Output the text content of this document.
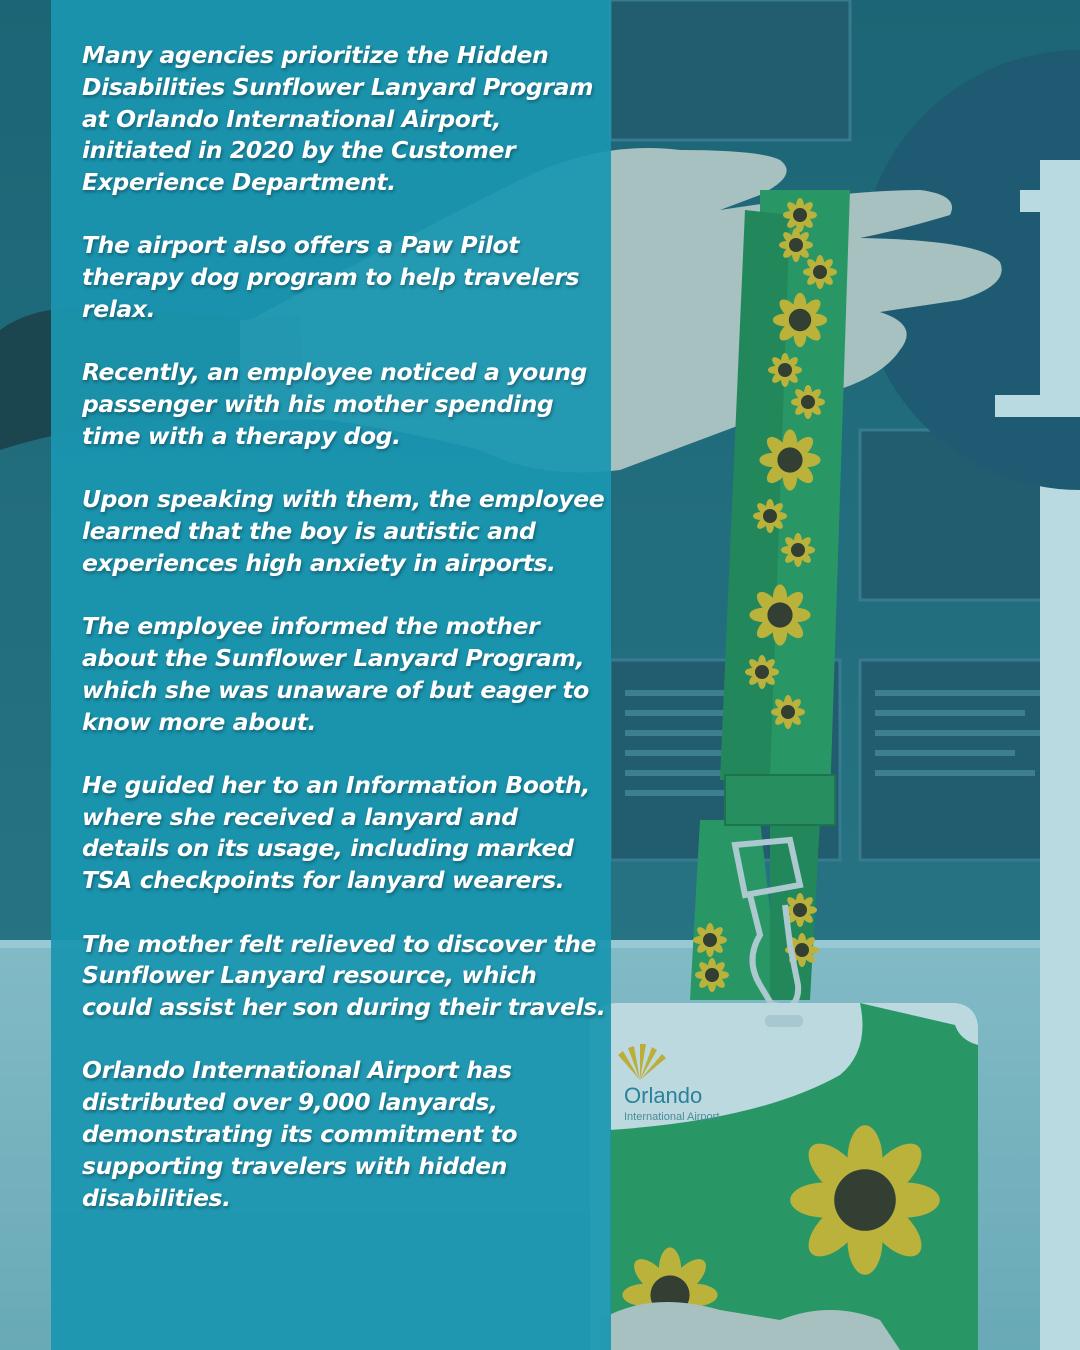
Orlando
International Airport

Many agencies prioritize the Hidden Disabilities Sunflower Lanyard Program at Orlando International Airport, initiated in 2020 by the Customer Experience Department.

The airport also offers a Paw Pilot therapy dog program to help travelers relax.

Recently, an employee noticed a young passenger with his mother spending time with a therapy dog.

Upon speaking with them, the employee learned that the boy is autistic and experiences high anxiety in airports.

The employee informed the mother about the Sunflower Lanyard Program, which she was unaware of but eager to know more about.

He guided her to an Information Booth, where she received a lanyard and details on its usage, including marked TSA checkpoints for lanyard wearers.

The mother felt relieved to discover the Sunflower Lanyard resource, which could assist her son during their travels.

Orlando International Airport has distributed over 9,000 lanyards, demonstrating its commitment to supporting travelers with hidden disabilities.
